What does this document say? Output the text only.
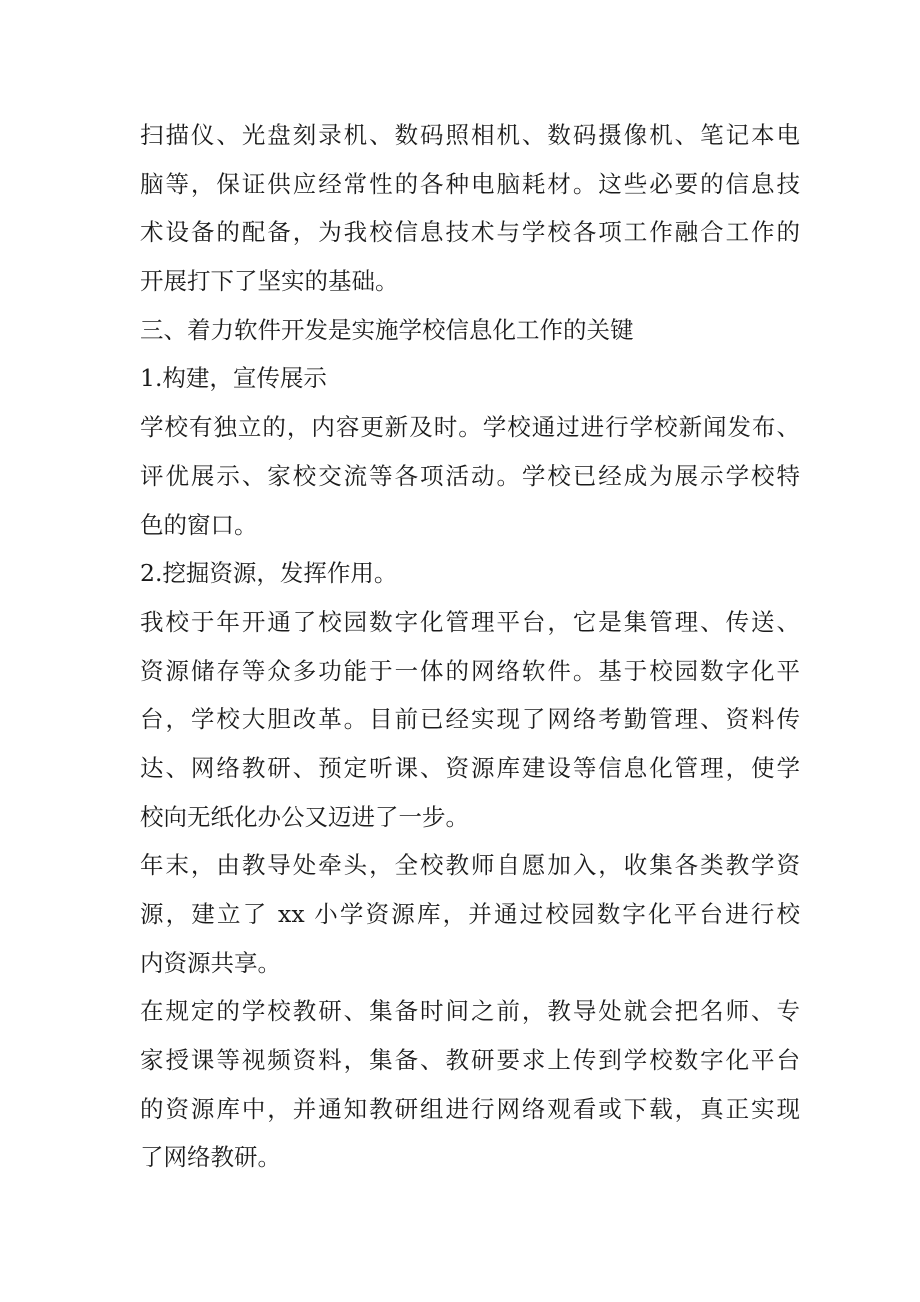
扫描仪、光盘刻录机、数码照相机、数码摄像机、笔记本电
脑等，保证供应经常性的各种电脑耗材。这些必要的信息技
术设备的配备，为我校信息技术与学校各项工作融合工作的
开展打下了坚实的基础。
三、着力软件开发是实施学校信息化工作的关键
1.构建，宣传展示
学校有独立的，内容更新及时。学校通过进行学校新闻发布、
评优展示、家校交流等各项活动。学校已经成为展示学校特
色的窗口。
2.挖掘资源，发挥作用。
我校于年开通了校园数字化管理平台，它是集管理、传送、
资源储存等众多功能于一体的网络软件。基于校园数字化平
台，学校大胆改革。目前已经实现了网络考勤管理、资料传
达、网络教研、预定听课、资源库建设等信息化管理，使学
校向无纸化办公又迈进了一步。
年末，由教导处牵头，全校教师自愿加入，收集各类教学资
源，建立了 xx 小学资源库，并通过校园数字化平台进行校
内资源共享。
在规定的学校教研、集备时间之前，教导处就会把名师、专
家授课等视频资料，集备、教研要求上传到学校数字化平台
的资源库中，并通知教研组进行网络观看或下载，真正实现
了网络教研。
